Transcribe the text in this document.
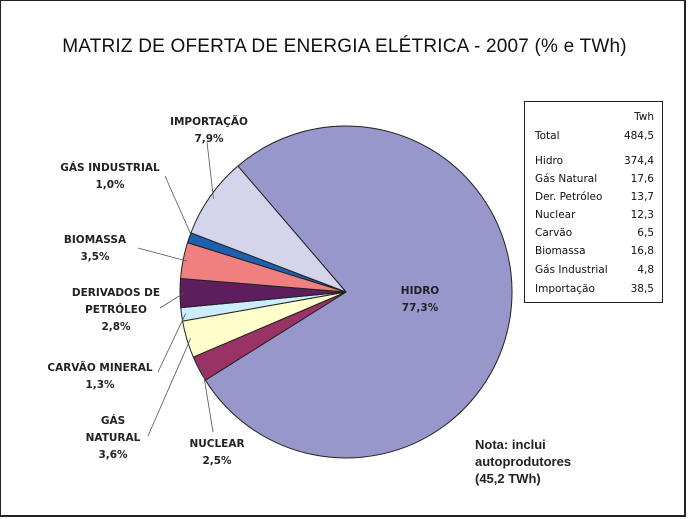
MATRIZ DE OFERTA DE ENERGIA ELÉTRICA - 2007 (% e TWh)
HIDRO
77,3%
NUCLEAR
2,5%
GÁS NATURAL
3,6%
CARVÃO MINERAL
1,3%
DERIVADOS DE PETRÓLEO
2,8%
BIOMASSA
3,5%
GÁS INDUSTRIAL
1,0%
IMPORTAÇÃO
7,9%
Twh
Total	484,5
Hidro	374,4
Gás Natural	17,6
Der. Petróleo	13,7
Nuclear	12,3
Carvão	6,5
Biomassa	16,8
Gás Industrial	4,8
Importação	38,5
Nota: inclui
autoprodutores
(45,2 TWh)
